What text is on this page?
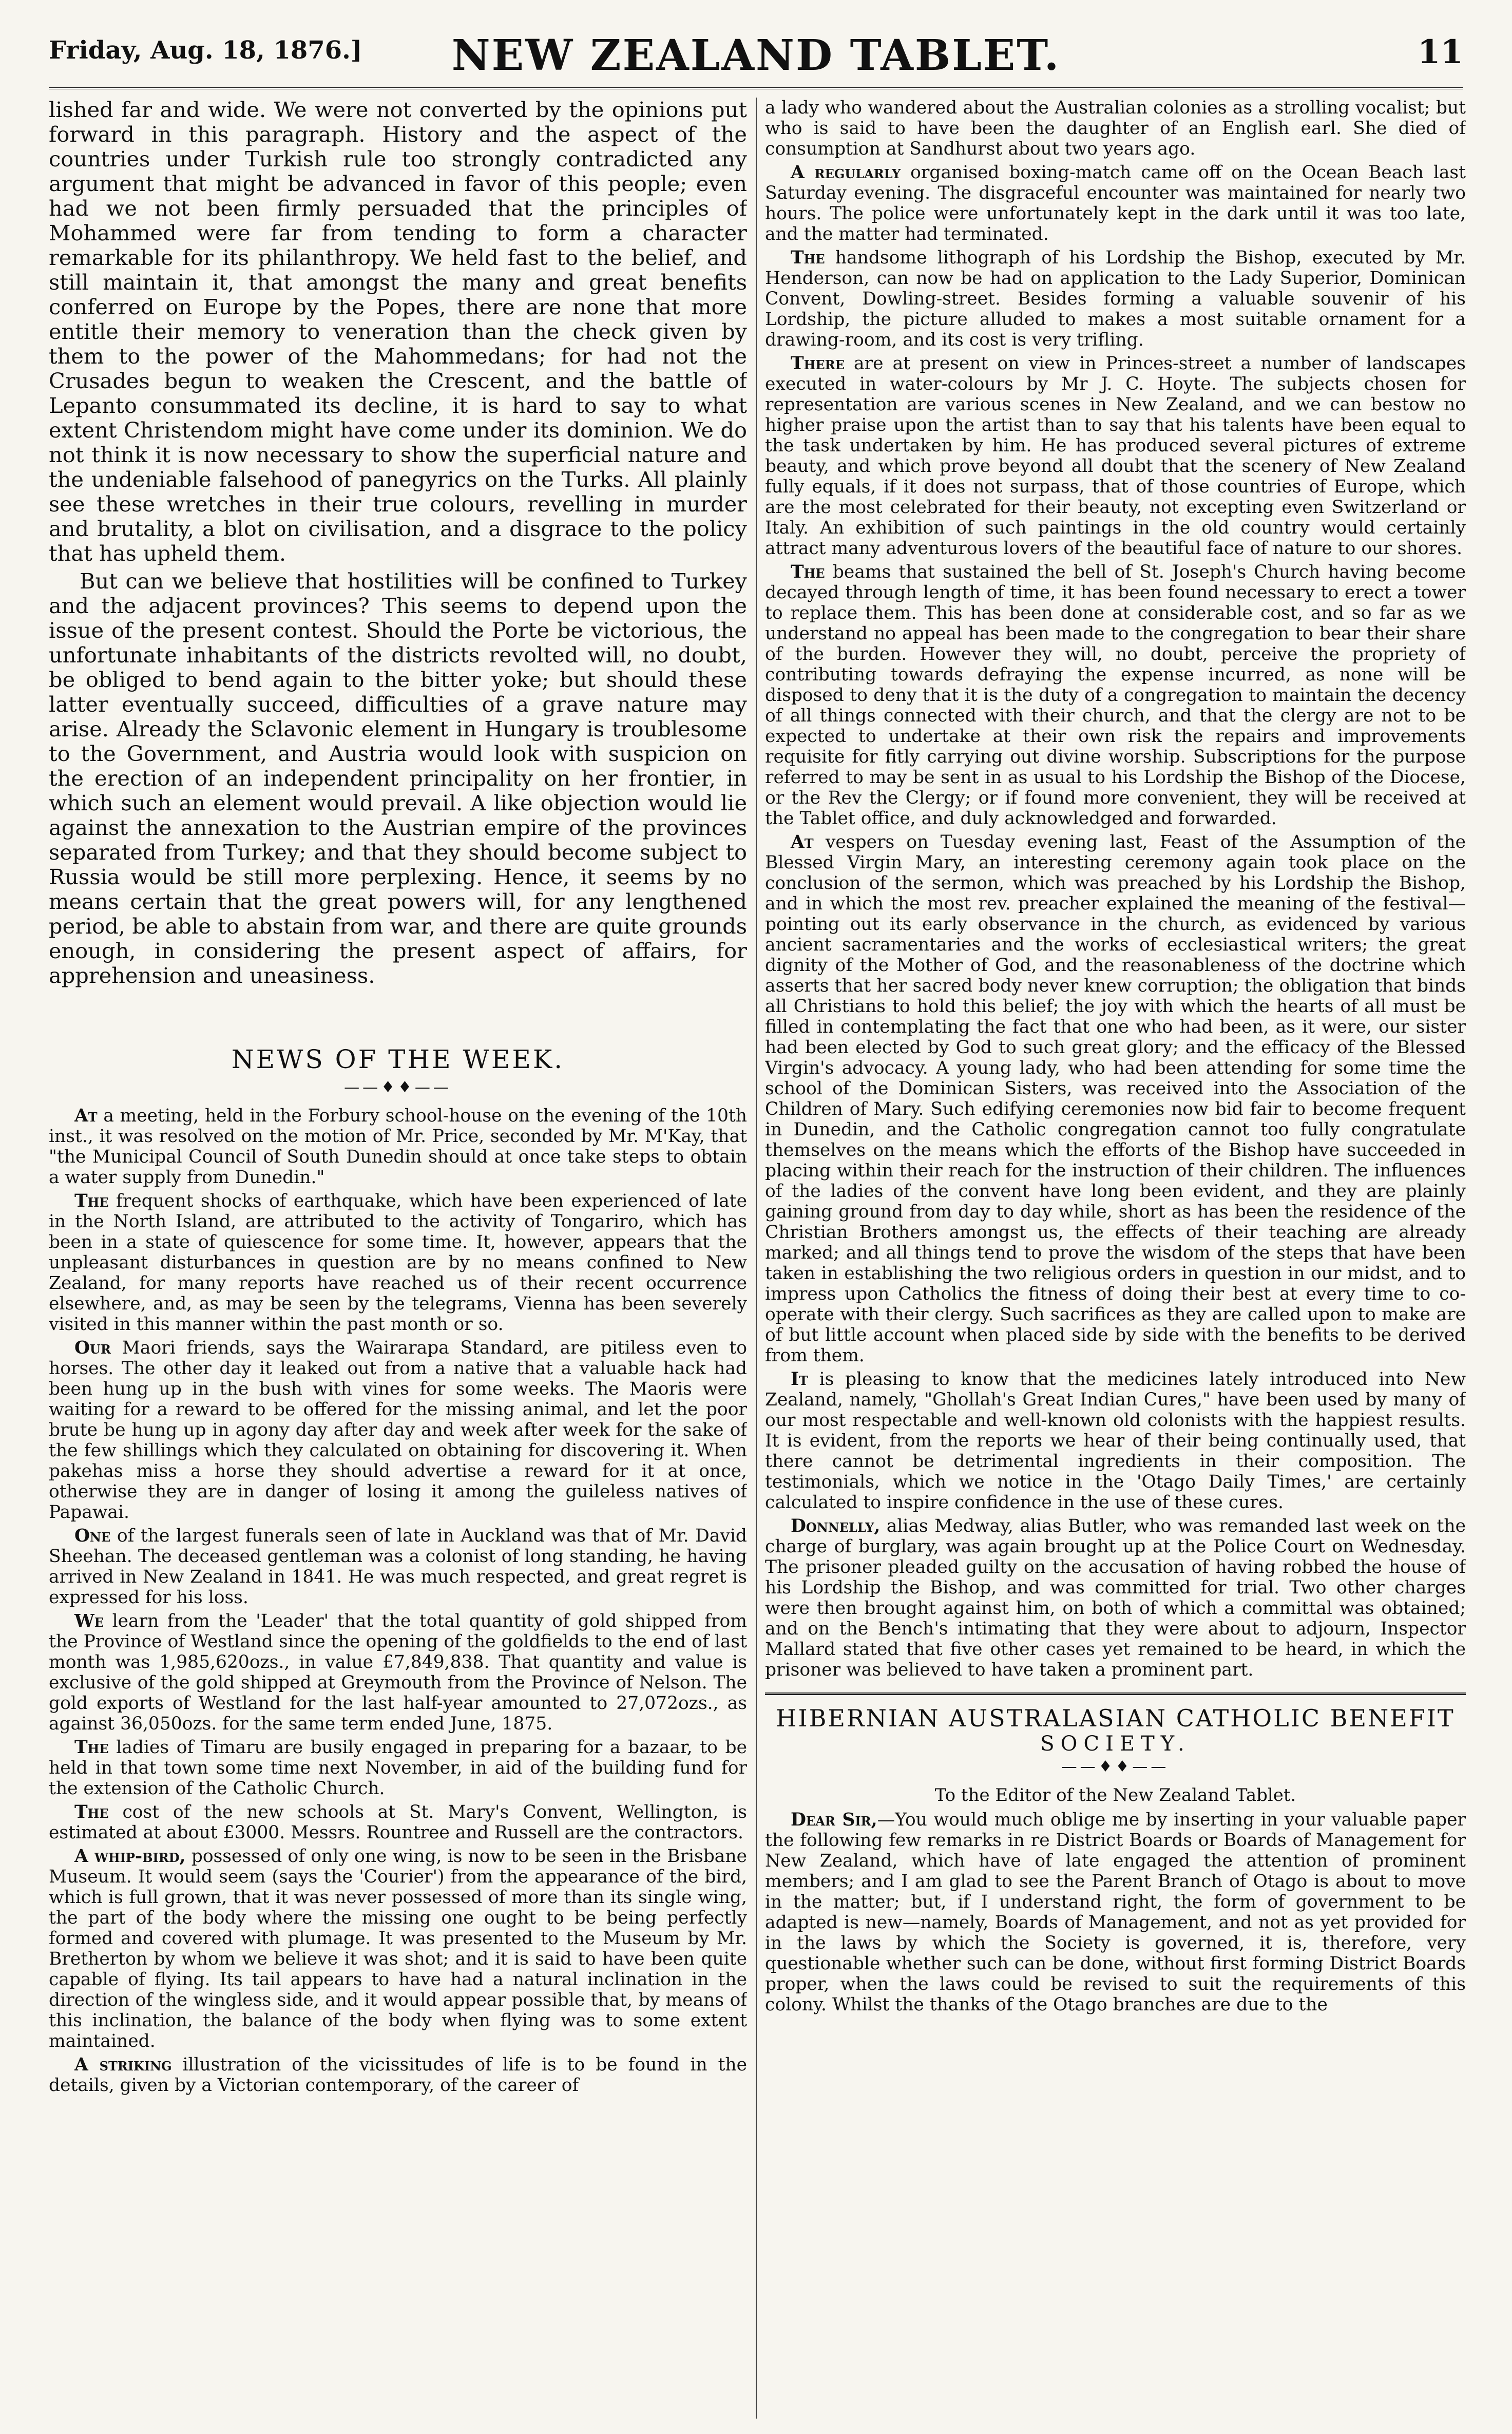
Friday, Aug. 18, 1876.]	NEW ZEALAND TABLET.	11

lished far and wide. We were not converted by the opinions put forward in this paragraph. History and the aspect of the countries under Turkish rule too strongly contradicted any argument that might be advanced in favor of this people; even had we not been firmly persuaded that the principles of Mohammed were far from tending to form a character remarkable for its philanthropy. We held fast to the belief, and still maintain it, that amongst the many and great benefits conferred on Europe by the Popes, there are none that more entitle their memory to veneration than the check given by them to the power of the Mahommedans; for had not the Crusades begun to weaken the Crescent, and the battle of Lepanto consummated its decline, it is hard to say to what extent Christendom might have come under its dominion. We do not think it is now necessary to show the superficial nature and the undeniable falsehood of panegyrics on the Turks. All plainly see these wretches in their true colours, revelling in murder and brutality, a blot on civilisation, and a disgrace to the policy that has upheld them.

But can we believe that hostilities will be confined to Turkey and the adjacent provinces? This seems to depend upon the issue of the present contest. Should the Porte be victorious, the unfortunate inhabitants of the districts revolted will, no doubt, be obliged to bend again to the bitter yoke; but should these latter eventually succeed, difficulties of a grave nature may arise. Already the Sclavonic element in Hungary is troublesome to the Government, and Austria would look with suspicion on the erection of an independent principality on her frontier, in which such an element would prevail. A like objection would lie against the annexation to the Austrian empire of the provinces separated from Turkey; and that they should become subject to Russia would be still more perplexing. Hence, it seems by no means certain that the great powers will, for any lengthened period, be able to abstain from war, and there are quite grounds enough, in considering the present aspect of affairs, for apprehension and uneasiness.

NEWS OF THE WEEK.
——♦♦——

At a meeting, held in the Forbury school-house on the evening of the 10th inst., it was resolved on the motion of Mr. Price, seconded by Mr. M'Kay, that "the Municipal Council of South Dunedin should at once take steps to obtain a water supply from Dunedin."

The frequent shocks of earthquake, which have been experienced of late in the North Island, are attributed to the activity of Tongariro, which has been in a state of quiescence for some time. It, however, appears that the unpleasant disturbances in question are by no means confined to New Zealand, for many reports have reached us of their recent occurrence elsewhere, and, as may be seen by the telegrams, Vienna has been severely visited in this manner within the past month or so.

Our Maori friends, says the Wairarapa Standard, are pitiless even to horses. The other day it leaked out from a native that a valuable hack had been hung up in the bush with vines for some weeks. The Maoris were waiting for a reward to be offered for the missing animal, and let the poor brute be hung up in agony day after day and week after week for the sake of the few shillings which they calculated on obtaining for discovering it. When pakehas miss a horse they should advertise a reward for it at once, otherwise they are in danger of losing it among the guileless natives of Papawai.

One of the largest funerals seen of late in Auckland was that of Mr. David Sheehan. The deceased gentleman was a colonist of long standing, he having arrived in New Zealand in 1841. He was much respected, and great regret is expressed for his loss.

We learn from the 'Leader' that the total quantity of gold shipped from the Province of Westland since the opening of the goldfields to the end of last month was 1,985,620ozs., in value £7,849,838. That quantity and value is exclusive of the gold shipped at Greymouth from the Province of Nelson. The gold exports of Westland for the last half-year amounted to 27,072ozs., as against 36,050ozs. for the same term ended June, 1875.

The ladies of Timaru are busily engaged in preparing for a bazaar, to be held in that town some time next November, in aid of the building fund for the extension of the Catholic Church.

The cost of the new schools at St. Mary's Convent, Wellington, is estimated at about £3000. Messrs. Rountree and Russell are the contractors.

A whip-bird, possessed of only one wing, is now to be seen in the Brisbane Museum. It would seem (says the 'Courier') from the appearance of the bird, which is full grown, that it was never possessed of more than its single wing, the part of the body where the missing one ought to be being perfectly formed and covered with plumage. It was presented to the Museum by Mr. Bretherton by whom we believe it was shot; and it is said to have been quite capable of flying. Its tail appears to have had a natural inclination in the direction of the wingless side, and it would appear possible that, by means of this inclination, the balance of the body when flying was to some extent maintained.

A striking illustration of the vicissitudes of life is to be found in the details, given by a Victorian contemporary, of the career of

a lady who wandered about the Australian colonies as a strolling vocalist; but who is said to have been the daughter of an English earl. She died of consumption at Sandhurst about two years ago.

A regularly organised boxing-match came off on the Ocean Beach last Saturday evening. The disgraceful encounter was maintained for nearly two hours. The police were unfortunately kept in the dark until it was too late, and the matter had terminated.

The handsome lithograph of his Lordship the Bishop, executed by Mr. Henderson, can now be had on application to the Lady Superior, Dominican Convent, Dowling-street. Besides forming a valuable souvenir of his Lordship, the picture alluded to makes a most suitable ornament for a drawing-room, and its cost is very trifling.

There are at present on view in Princes-street a number of landscapes executed in water-colours by Mr J. C. Hoyte. The subjects chosen for representation are various scenes in New Zealand, and we can bestow no higher praise upon the artist than to say that his talents have been equal to the task undertaken by him. He has produced several pictures of extreme beauty, and which prove beyond all doubt that the scenery of New Zealand fully equals, if it does not surpass, that of those countries of Europe, which are the most celebrated for their beauty, not excepting even Switzerland or Italy. An exhibition of such paintings in the old country would certainly attract many adventurous lovers of the beautiful face of nature to our shores.

The beams that sustained the bell of St. Joseph's Church having become decayed through length of time, it has been found necessary to erect a tower to replace them. This has been done at considerable cost, and so far as we understand no appeal has been made to the congregation to bear their share of the burden. However they will, no doubt, perceive the propriety of contributing towards defraying the expense incurred, as none will be disposed to deny that it is the duty of a congregation to maintain the decency of all things connected with their church, and that the clergy are not to be expected to undertake at their own risk the repairs and improvements requisite for fitly carrying out divine worship. Subscriptions for the purpose referred to may be sent in as usual to his Lordship the Bishop of the Diocese, or the Rev the Clergy; or if found more convenient, they will be received at the Tablet office, and duly acknowledged and forwarded.

At vespers on Tuesday evening last, Feast of the Assumption of the Blessed Virgin Mary, an interesting ceremony again took place on the conclusion of the sermon, which was preached by his Lordship the Bishop, and in which the most rev. preacher explained the meaning of the festival—pointing out its early observance in the church, as evidenced by various ancient sacramentaries and the works of ecclesiastical writers; the great dignity of the Mother of God, and the reasonableness of the doctrine which asserts that her sacred body never knew corruption; the obligation that binds all Christians to hold this belief; the joy with which the hearts of all must be filled in contemplating the fact that one who had been, as it were, our sister had been elected by God to such great glory; and the efficacy of the Blessed Virgin's advocacy. A young lady, who had been attending for some time the school of the Dominican Sisters, was received into the Association of the Children of Mary. Such edifying ceremonies now bid fair to become frequent in Dunedin, and the Catholic congregation cannot too fully congratulate themselves on the means which the efforts of the Bishop have succeeded in placing within their reach for the instruction of their children. The influences of the ladies of the convent have long been evident, and they are plainly gaining ground from day to day while, short as has been the residence of the Christian Brothers amongst us, the effects of their teaching are already marked; and all things tend to prove the wisdom of the steps that have been taken in establishing the two religious orders in question in our midst, and to impress upon Catholics the fitness of doing their best at every time to co-operate with their clergy. Such sacrifices as they are called upon to make are of but little account when placed side by side with the benefits to be derived from them.

It is pleasing to know that the medicines lately introduced into New Zealand, namely, "Ghollah's Great Indian Cures," have been used by many of our most respectable and well-known old colonists with the happiest results. It is evident, from the reports we hear of their being continually used, that there cannot be detrimental ingredients in their composition. The testimonials, which we notice in the 'Otago Daily Times,' are certainly calculated to inspire confidence in the use of these cures.

Donnelly, alias Medway, alias Butler, who was remanded last week on the charge of burglary, was again brought up at the Police Court on Wednesday. The prisoner pleaded guilty on the accusation of having robbed the house of his Lordship the Bishop, and was committed for trial. Two other charges were then brought against him, on both of which a committal was obtained; and on the Bench's intimating that they were about to adjourn, Inspector Mallard stated that five other cases yet remained to be heard, in which the prisoner was believed to have taken a prominent part.

HIBERNIAN AUSTRALASIAN CATHOLIC BENEFIT
SOCIETY.
——♦♦——
To the Editor of the New Zealand Tablet.

Dear Sir,—You would much oblige me by inserting in your valuable paper the following few remarks in re District Boards or Boards of Management for New Zealand, which have of late engaged the attention of prominent members; and I am glad to see the Parent Branch of Otago is about to move in the matter; but, if I understand right, the form of government to be adapted is new—namely, Boards of Management, and not as yet provided for in the laws by which the Society is governed, it is, therefore, very questionable whether such can be done, without first forming District Boards proper, when the laws could be revised to suit the requirements of this colony. Whilst the thanks of the Otago branches are due to the
